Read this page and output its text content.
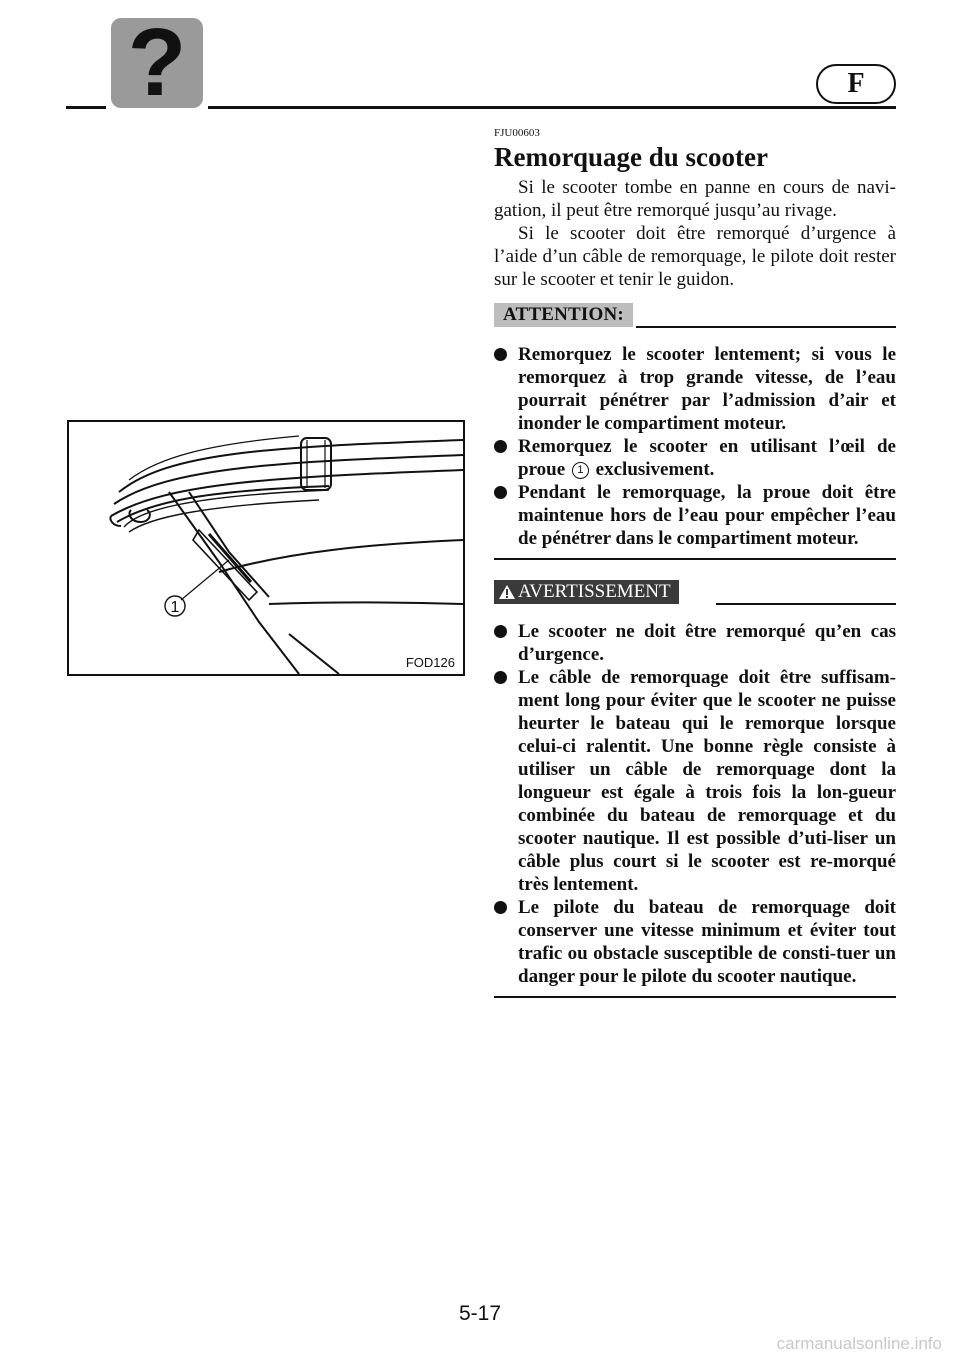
?	F
1
FOD126
FJU00603
Remorquage du scooter

Si le scooter tombe en panne en cours de navi-gation, il peut être remorqué jusqu’au rivage.

Si le scooter doit être remorqué d’urgence à l’aide d’un câble de remorquage, le pilote doit rester sur le scooter et tenir le guidon.

ATTENTION:
Remorquez le scooter lentement; si vous le remorquez à trop grande vitesse, de l’eau pourrait pénétrer par l’admission d’air et inonder le compartiment moteur.
Remorquez le scooter en utilisant l’œil de proue 1 exclusivement.
Pendant le remorquage, la proue doit être maintenue hors de l’eau pour empêcher l’eau de pénétrer dans le compartiment moteur.
AVERTISSEMENT
Le scooter ne doit être remorqué qu’en cas d’urgence.
Le câble de remorquage doit être suffisam-ment long pour éviter que le scooter ne puisse heurter le bateau qui le remorque lorsque celui-ci ralentit. Une bonne règle consiste à utiliser un câble de remorquage dont la longueur est égale à trois fois la lon-gueur combinée du bateau de remorquage et du scooter nautique. Il est possible d’uti-liser un câble plus court si le scooter est re-morqué très lentement.
Le pilote du bateau de remorquage doit conserver une vitesse minimum et éviter tout trafic ou obstacle susceptible de consti-tuer un danger pour le pilote du scooter nautique.
5-17
carmanualsonline.info
